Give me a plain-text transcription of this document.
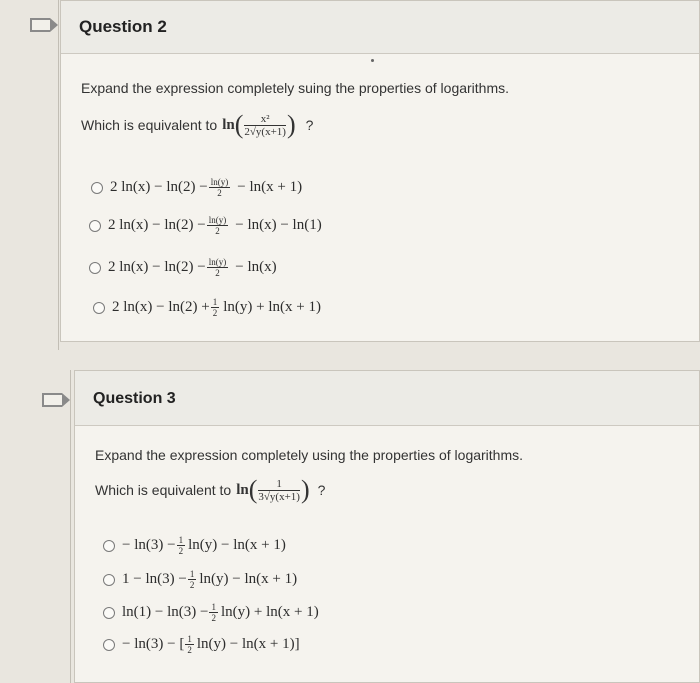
Question 2
Expand the expression completely suing the properties of logarithms.
Which is equivalent to ln ( $\frac{\text{x²}}{2√y(x+1)}$ ) ?
2 $\ln(x) - \ln(2) - \frac{\ln(y)}{2} - \ln(x + 1)$
2 $\ln(x) - \ln(2) - \frac{\ln(y)}{2} - \ln(x) - \ln(1)$
2 $\ln(x) - \ln(2) - \frac{\ln(y)}{2} - \ln(x)$
2 $\ln(x) - \ln(2) + \frac{1}{2} \ln(y) + \ln(x + 1)$
Question 3
Expand the expression completely using the properties of logarithms.
Which is equivalent to ln ( $\frac{1}{3√y(x+1)}$ ) ?
− $\ln(3) - \frac{1}{2} \ln(y) - \ln(x + 1)$
$1 - \ln(3) - \frac{1}{2} \ln(y) - \ln(x + 1)$
$\ln(1) - \ln(3) - \frac{1}{2} \ln(y) + \ln(x + 1)$
− ln(3) − [ $\frac{1}{2} \ln(y) - \ln(x + 1)$]
